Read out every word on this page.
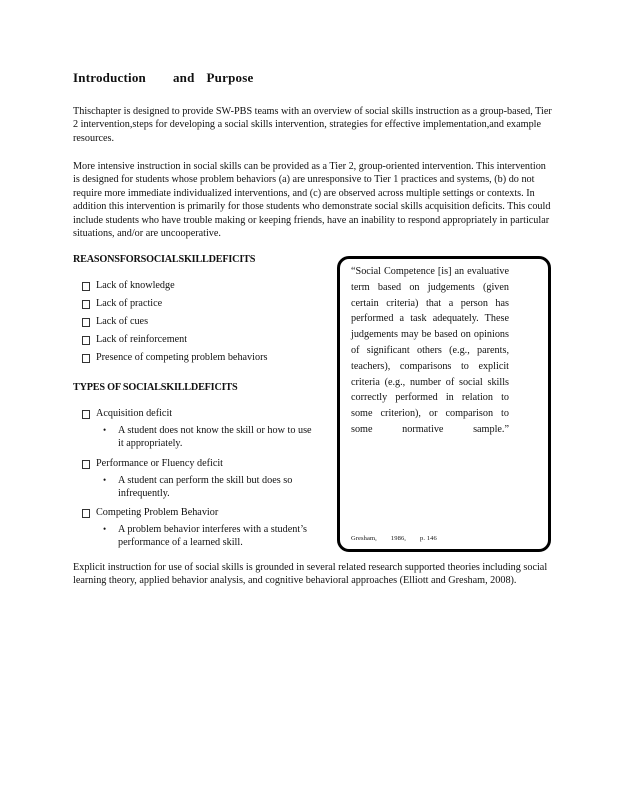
Introduction and Purpose
Thischapter is designed to provide SW-PBS teams with an overview of social skills instruction as a group-based, Tier 2 intervention,steps for developing a social skills intervention, strategies for effective implementation,and example resources.
More intensive instruction in social skills can be provided as a Tier 2, group-oriented intervention. This intervention is designed for students whose problem behaviors (a) are unresponsive to Tier 1 practices and systems, (b) do not require more immediate individualized interventions, and (c) are observed across multiple settings or contexts. In addition this intervention is primarily for those students who demonstrate social skills acquisition deficits. This could include students who have trouble making or keeping friends, have an inability to respond appropriately in particular situations, and/or are uncooperative.
REASONSFORSOCIALSKILLDEFICITS
Lack of knowledge
Lack of practice
Lack of cues
Lack of reinforcement
Presence of competing problem behaviors
TYPES OF SOCIALSKILLDEFICITS
Acquisition deficit
•	A student does not know the skill or how to use it appropriately.
Performance or Fluency deficit
•	A student can perform the skill but does so infrequently.
Competing Problem Behavior
•	A problem behavior interferes with a student’s performance of a learned skill.
“Social Competence [is] an evaluative term based on judgements (given certain criteria) that a person has performed a task adequately. These judgements may be based on opinions of significant others (e.g., parents, teachers), comparisons to explicit criteria (e.g., number of social skills correctly performed in relation to some criterion), or comparison to some normative sample.”
Gresham, 1986, p. 146
Explicit instruction for use of social skills is grounded in several related research supported theories including social learning theory, applied behavior analysis, and cognitive behavioral approaches (Elliott and Gresham, 2008).
